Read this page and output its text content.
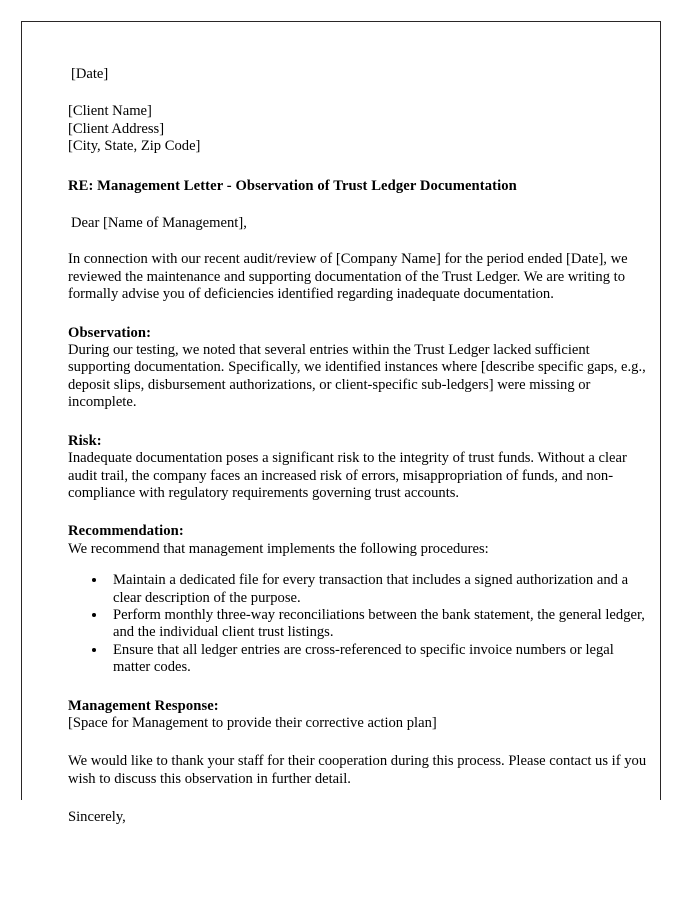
[Date]
[Client Name]
[Client Address]
[City, State, Zip Code]
RE: Management Letter - Observation of Trust Ledger Documentation
Dear [Name of Management],

In connection with our recent audit/review of [Company Name] for the period ended [Date], we reviewed the maintenance and supporting documentation of the Trust Ledger. We are writing to formally advise you of deficiencies identified regarding inadequate documentation.

Observation:
During our testing, we noted that several entries within the Trust Ledger lacked sufficient supporting documentation. Specifically, we identified instances where [describe specific gaps, e.g., deposit slips, disbursement authorizations, or client-specific sub-ledgers] were missing or incomplete.
Risk:
Inadequate documentation poses a significant risk to the integrity of trust funds. Without a clear audit trail, the company faces an increased risk of errors, misappropriation of funds, and non-compliance with regulatory requirements governing trust accounts.
Recommendation:
We recommend that management implements the following procedures:
• Maintain a dedicated file for every transaction that includes a signed authorization and a clear description of the purpose.
• Perform monthly three-way reconciliations between the bank statement, the general ledger, and the individual client trust listings.
• Ensure that all ledger entries are cross-referenced to specific invoice numbers or legal matter codes.
Management Response:
[Space for Management to provide their corrective action plan]

We would like to thank your staff for their cooperation during this process. Please contact us if you wish to discuss this observation in further detail.

Sincerely,
